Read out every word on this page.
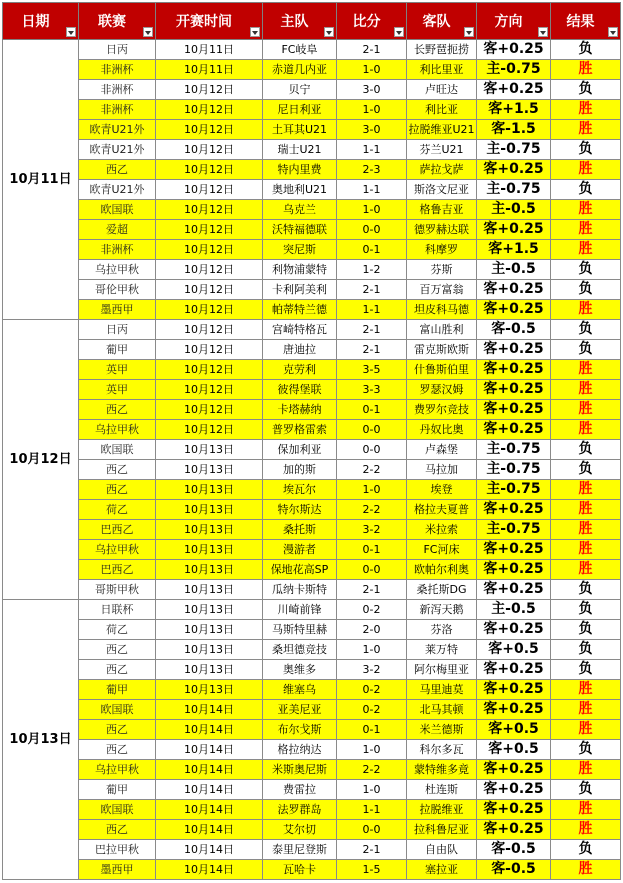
日期	联赛	开赛时间	主队	比分	客队	方向	结果

10月11日	日丙	10月11日	FC岐阜	2-1	长野琶扼捞	客+0.25	负
	非洲杯	10月11日	赤道几内亚	1-0	利比里亚	主-0.75	胜
	非洲杯	10月12日	贝宁	3-0	卢旺达	客+0.25	负
	非洲杯	10月12日	尼日利亚	1-0	利比亚	客+1.5	胜
	欧青U21外	10月12日	土耳其U21	3-0	拉脱维亚U21	客-1.5	胜
	欧青U21外	10月12日	瑞士U21	1-1	芬兰U21	主-0.75	负
	西乙	10月12日	特内里费	2-3	萨拉戈萨	客+0.25	胜
	欧青U21外	10月12日	奥地利U21	1-1	斯洛文尼亚	主-0.75	负
	欧国联	10月12日	乌克兰	1-0	格鲁吉亚	主-0.5	胜
	爱超	10月12日	沃特福德联	0-0	德罗赫达联	客+0.25	胜
	非洲杯	10月12日	突尼斯	0-1	科摩罗	客+1.5	胜
	乌拉甲秋	10月12日	利物浦蒙特	1-2	芬斯	主-0.5	负
	哥伦甲秋	10月12日	卡利阿美利	2-1	百万富翁	客+0.25	负
	墨西甲	10月12日	帕蒂特兰德	1-1	坦皮科马德	客+0.25	胜
10月12日	日丙	10月12日	宫崎特格瓦	2-1	富山胜利	客-0.5	负
	葡甲	10月12日	唐迪拉	2-1	雷克斯欧斯	客+0.25	负
	英甲	10月12日	克劳利	3-5	什鲁斯伯里	客+0.25	胜
	英甲	10月12日	彼得堡联	3-3	罗瑟汉姆	客+0.25	胜
	西乙	10月12日	卡塔赫纳	0-1	费罗尔竞技	客+0.25	胜
	乌拉甲秋	10月12日	普罗格雷索	0-0	丹奴比奥	客+0.25	胜
	欧国联	10月13日	保加利亚	0-0	卢森堡	主-0.75	负
	西乙	10月13日	加的斯	2-2	马拉加	主-0.75	负
	西乙	10月13日	埃瓦尔	1-0	埃登	主-0.75	胜
	荷乙	10月13日	特尔斯达	2-2	格拉夫夏普	客+0.25	胜
	巴西乙	10月13日	桑托斯	3-2	米拉索	主-0.75	胜
	乌拉甲秋	10月13日	漫游者	0-1	FC河床	客+0.25	胜
	巴西乙	10月13日	保地花高SP	0-0	欧帕尔利奥	客+0.25	胜
	哥斯甲秋	10月13日	瓜纳卡斯特	2-1	桑托斯DG	客+0.25	负
10月13日	日联杯	10月13日	川崎前锋	0-2	新泻天鹅	主-0.5	负
	荷乙	10月13日	马斯特里赫	2-0	芬洛	客+0.25	负
	西乙	10月13日	桑坦德竞技	1-0	莱万特	客+0.5	负
	西乙	10月13日	奥维多	3-2	阿尔梅里亚	客+0.25	负
	葡甲	10月13日	维塞乌	0-2	马里迪莫	客+0.25	胜
	欧国联	10月14日	亚美尼亚	0-2	北马其顿	客+0.25	胜
	西乙	10月14日	布尔戈斯	0-1	米兰德斯	客+0.5	胜
	西乙	10月14日	格拉纳达	1-0	科尔多瓦	客+0.5	负
	乌拉甲秋	10月14日	米斯奥尼斯	2-2	蒙特维多竟	客+0.25	胜
	葡甲	10月14日	费雷拉	1-0	杜连斯	客+0.25	负
	欧国联	10月14日	法罗群岛	1-1	拉脱维亚	客+0.25	胜
	西乙	10月14日	艾尔切	0-0	拉科鲁尼亚	客+0.25	胜
	巴拉甲秋	10月14日	泰里尼登斯	2-1	自由队	客-0.5	负
	墨西甲	10月14日	瓦哈卡	1-5	塞拉亚	客-0.5	胜
